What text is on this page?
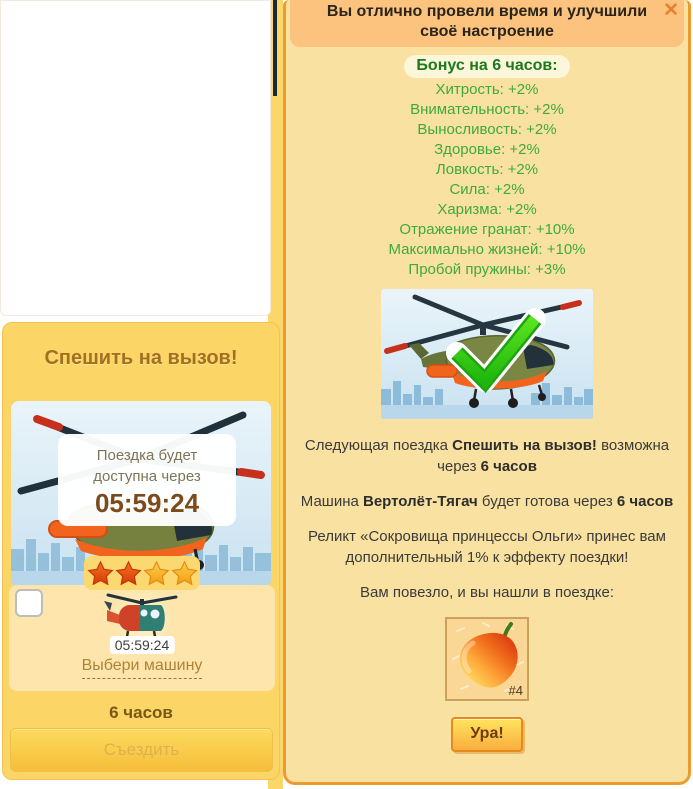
Спешить на вызов!
Поездка будет
доступна через
05:59:24
05:59:24
Выбери машину
6 часов
Съездить
Вы отлично провели время и улучшили своё настроение
✕
Бонус на 6 часов:
Хитрость: +2%
Внимательность: +2%
Выносливость: +2%
Здоровье: +2%
Ловкость: +2%
Сила: +2%
Харизма: +2%
Отражение гранат: +10%
Максимально жизней: +10%
Пробой пружины: +3%

Следующая поездка Спешить на вызов! возможна через 6 часов

Машина Вертолёт-Тягач будет готова через 6 часов

Реликт «Сокровища принцессы Ольги» принес вам дополнительный 1% к эффекту поездки!

Вам повезло, и вы нашли в поездке:

#4
Ура!
